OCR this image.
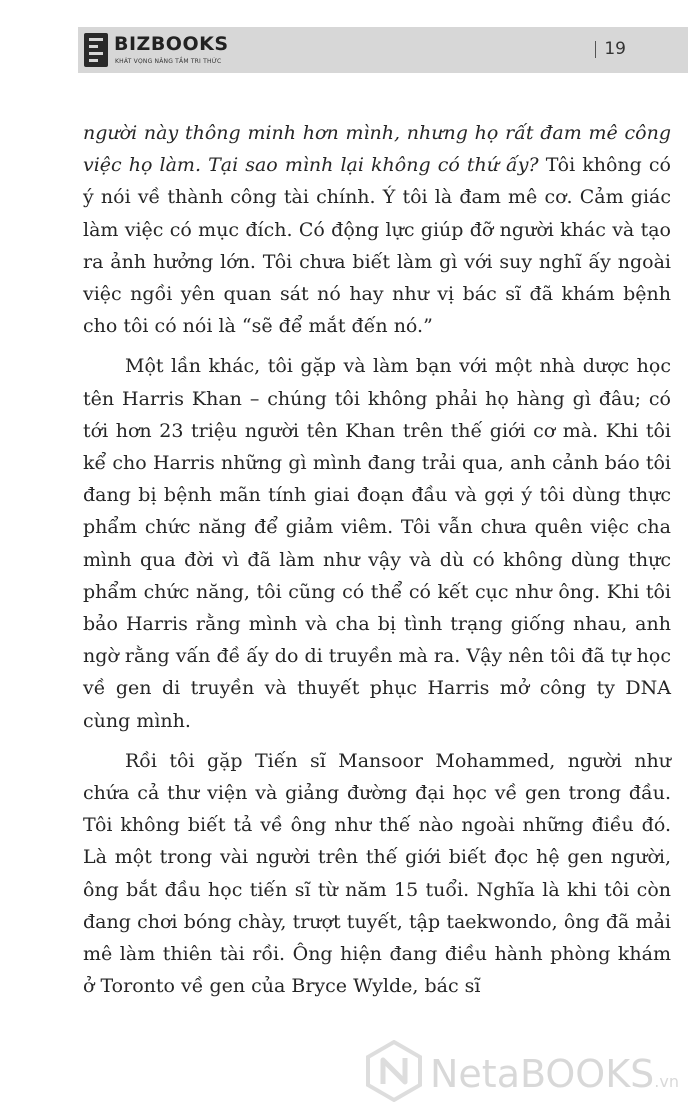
BIZBOOKS
KHÁT VỌNG NÂNG TẦM TRI THỨC
| 19

người này thông minh hơn mình, nhưng họ rất đam mê công việc họ làm. Tại sao mình lại không có thứ ấy? Tôi không có ý nói về thành công tài chính. Ý tôi là đam mê cơ. Cảm giác làm việc có mục đích. Có động lực giúp đỡ người khác và tạo ra ảnh hưởng lớn. Tôi chưa biết làm gì với suy nghĩ ấy ngoài việc ngồi yên quan sát nó hay như vị bác sĩ đã khám bệnh cho tôi có nói là “sẽ để mắt đến nó.”

Một lần khác, tôi gặp và làm bạn với một nhà dược học tên Harris Khan – chúng tôi không phải họ hàng gì đâu; có tới hơn 23 triệu người tên Khan trên thế giới cơ mà. Khi tôi kể cho Harris những gì mình đang trải qua, anh cảnh báo tôi đang bị bệnh mãn tính giai đoạn đầu và gợi ý tôi dùng thực phẩm chức năng để giảm viêm. Tôi vẫn chưa quên việc cha mình qua đời vì đã làm như vậy và dù có không dùng thực phẩm chức năng, tôi cũng có thể có kết cục như ông. Khi tôi bảo Harris rằng mình và cha bị tình trạng giống nhau, anh ngờ rằng vấn đề ấy do di truyền mà ra. Vậy nên tôi đã tự học về gen di truyền và thuyết phục Harris mở công ty DNA cùng mình.

Rồi tôi gặp Tiến sĩ Mansoor Mohammed, người như chứa cả thư viện và giảng đường đại học về gen trong đầu. Tôi không biết tả về ông như thế nào ngoài những điều đó. Là một trong vài người trên thế giới biết đọc hệ gen người, ông bắt đầu học tiến sĩ từ năm 15 tuổi. Nghĩa là khi tôi còn đang chơi bóng chày, trượt tuyết, tập taekwondo, ông đã mải mê làm thiên tài rồi. Ông hiện đang điều hành phòng khám ở Toronto về gen của Bryce Wylde, bác sĩ

NetaBOOKS.vn
